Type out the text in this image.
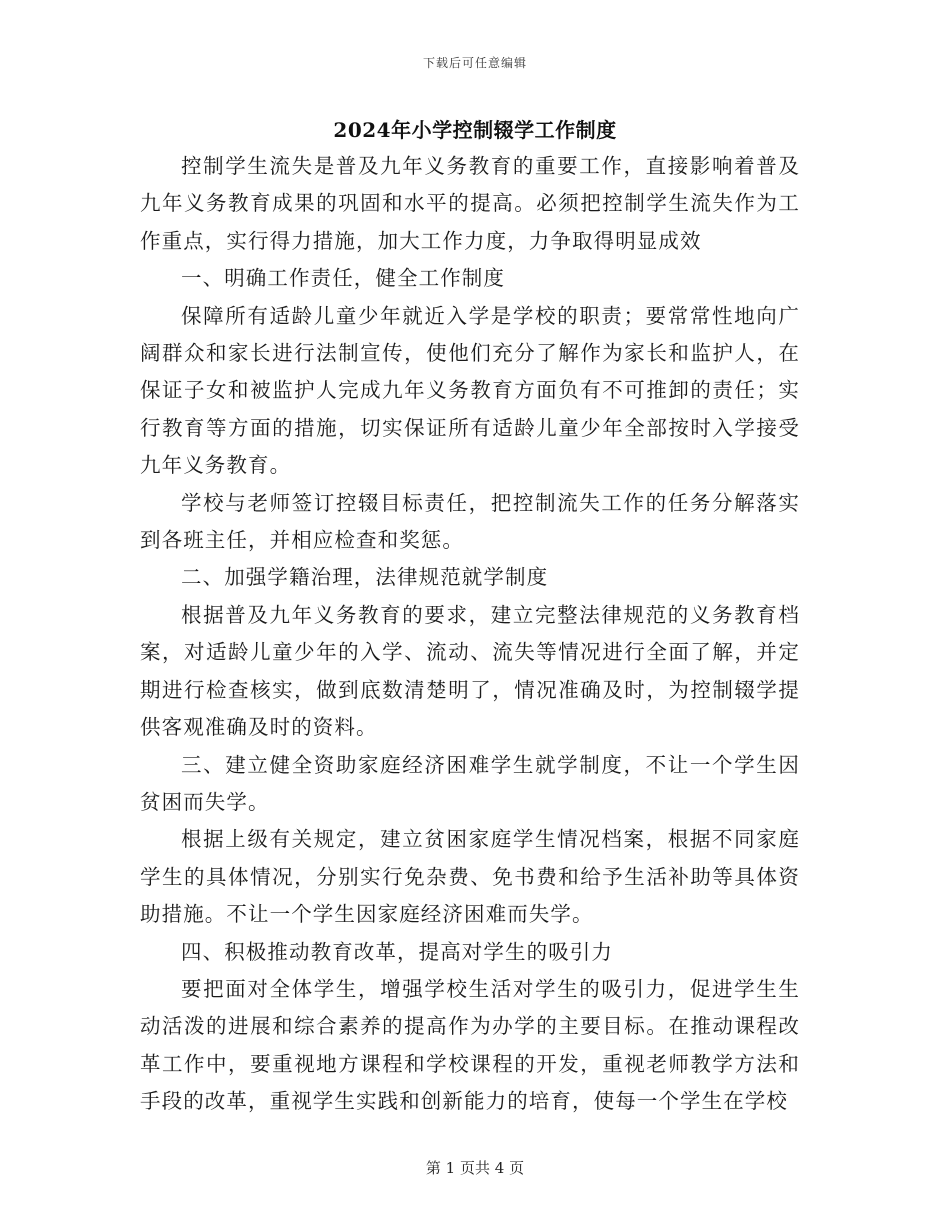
下载后可任意编辑
2024年小学控制辍学工作制度

控制学生流失是普及九年义务教育的重要工作，直接影响着普及九年义务教育成果的巩固和水平的提高。必须把控制学生流失作为工作重点，实行得力措施，加大工作力度，力争取得明显成效

一、明确工作责任，健全工作制度

保障所有适龄儿童少年就近入学是学校的职责；要常常性地向广阔群众和家长进行法制宣传，使他们充分了解作为家长和监护人，在保证子女和被监护人完成九年义务教育方面负有不可推卸的责任；实行教育等方面的措施，切实保证所有适龄儿童少年全部按时入学接受九年义务教育。

学校与老师签订控辍目标责任，把控制流失工作的任务分解落实到各班主任，并相应检查和奖惩。

二、加强学籍治理，法律规范就学制度

根据普及九年义务教育的要求，建立完整法律规范的义务教育档案，对适龄儿童少年的入学、流动、流失等情况进行全面了解，并定期进行检查核实，做到底数清楚明了，情况准确及时，为控制辍学提供客观准确及时的资料。

三、建立健全资助家庭经济困难学生就学制度，不让一个学生因贫困而失学。

根据上级有关规定，建立贫困家庭学生情况档案，根据不同家庭学生的具体情况，分别实行免杂费、免书费和给予生活补助等具体资助措施。不让一个学生因家庭经济困难而失学。

四、积极推动教育改革，提高对学生的吸引力

要把面对全体学生，增强学校生活对学生的吸引力，促进学生生动活泼的进展和综合素养的提高作为办学的主要目标。在推动课程改革工作中，要重视地方课程和学校课程的开发，重视老师教学方法和手段的改革，重视学生实践和创新能力的培育，使每一个学生在学校

第 1 页共 4 页
